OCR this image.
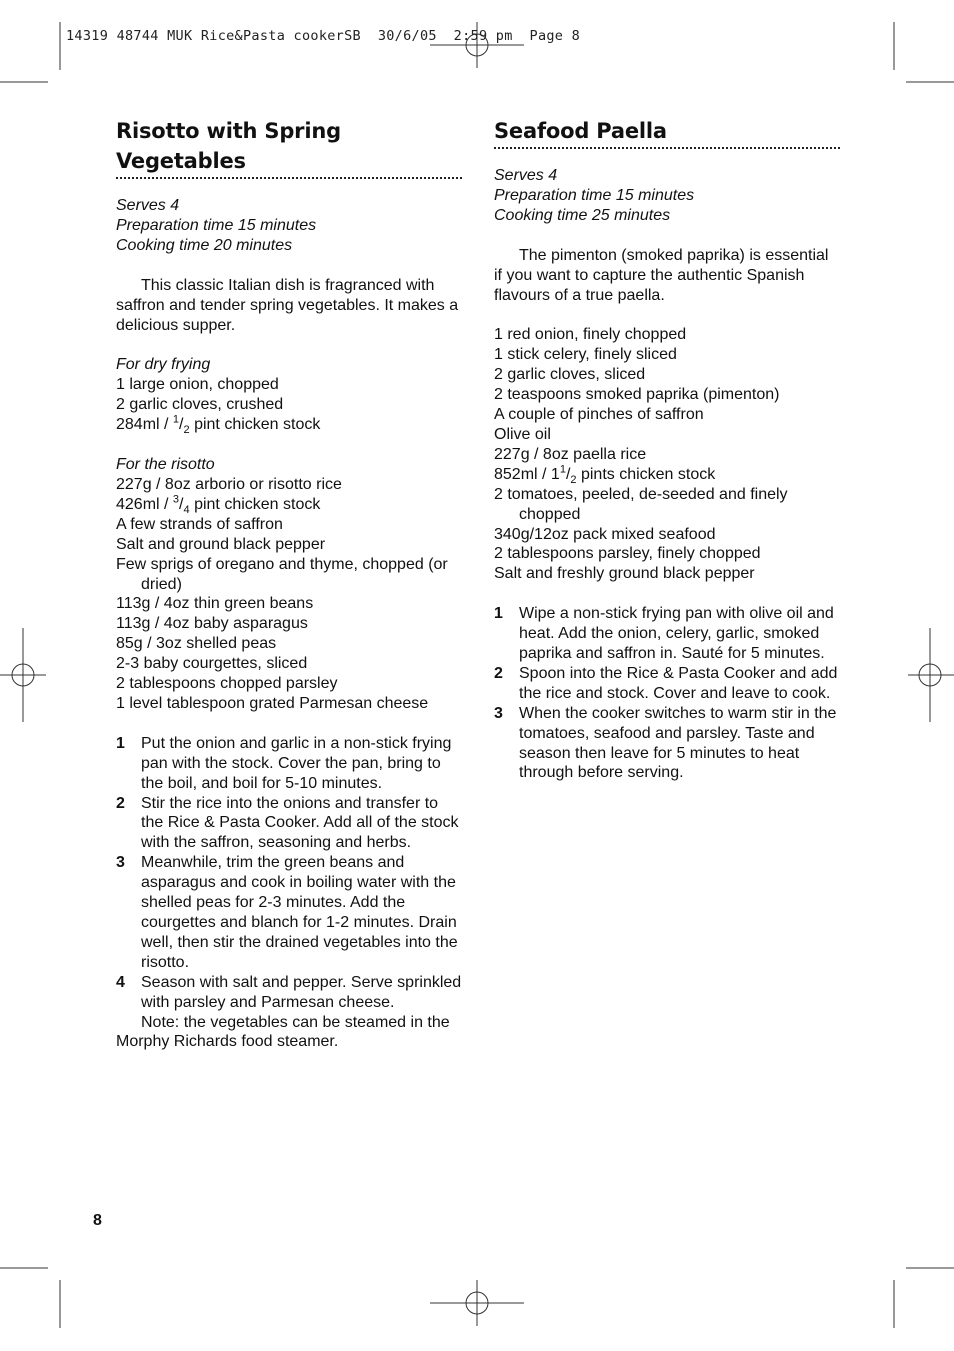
14319 48744 MUK Rice&Pasta cookerSB  30/6/05  2:59 pm  Page 8
Risotto with Spring Vegetables
Serves 4
Preparation time 15 minutes
Cooking time 20 minutes
This classic Italian dish is fragranced with saffron and tender spring vegetables. It makes a delicious supper.
For dry frying
1 large onion, chopped
2 garlic cloves, crushed
$284ml / ^1/_2$ pint chicken stock
For the risotto
227g / 8oz arborio or risotto rice
$426ml / ^3/_4$ pint chicken stock
A few strands of saffron
Salt and ground black pepper
Few sprigs of oregano and thyme, chopped (or dried)
113g / 4oz thin green beans
113g / 4oz baby asparagus
85g / 3oz shelled peas
2-3 baby courgettes, sliced
2 tablespoons chopped parsley
1 level tablespoon grated Parmesan cheese
1 Put the onion and garlic in a non-stick frying pan with the stock. Cover the pan, bring to the boil, and boil for 5-10 minutes.
2 Stir the rice into the onions and transfer to the Rice & Pasta Cooker. Add all of the stock with the saffron, seasoning and herbs.
3 Meanwhile, trim the green beans and asparagus and cook in boiling water with the shelled peas for 2-3 minutes. Add the courgettes and blanch for 1-2 minutes. Drain well, then stir the drained vegetables into the risotto.
4 Season with salt and pepper. Serve sprinkled with parsley and Parmesan cheese.
Note: the vegetables can be steamed in the Morphy Richards food steamer.
Seafood Paella
Serves 4
Preparation time 15 minutes
Cooking time 25 minutes
The pimenton (smoked paprika) is essential if you want to capture the authentic Spanish flavours of a true paella.
1 red onion, finely chopped
1 stick celery, finely sliced
2 garlic cloves, sliced
2 teaspoons smoked paprika (pimenton)
A couple of pinches of saffron
Olive oil
227g / 8oz paella rice
$852ml / 1^1/_2$ pints chicken stock
2 tomatoes, peeled, de-seeded and finely chopped
340g/12oz pack mixed seafood
2 tablespoons parsley, finely chopped
Salt and freshly ground black pepper
1 Wipe a non-stick frying pan with olive oil and heat. Add the onion, celery, garlic, smoked paprika and saffron in. Sauté for 5 minutes.
2 Spoon into the Rice & Pasta Cooker and add the rice and stock. Cover and leave to cook.
3 When the cooker switches to warm stir in the tomatoes, seafood and parsley. Taste and season then leave for 5 minutes to heat through before serving.
8
